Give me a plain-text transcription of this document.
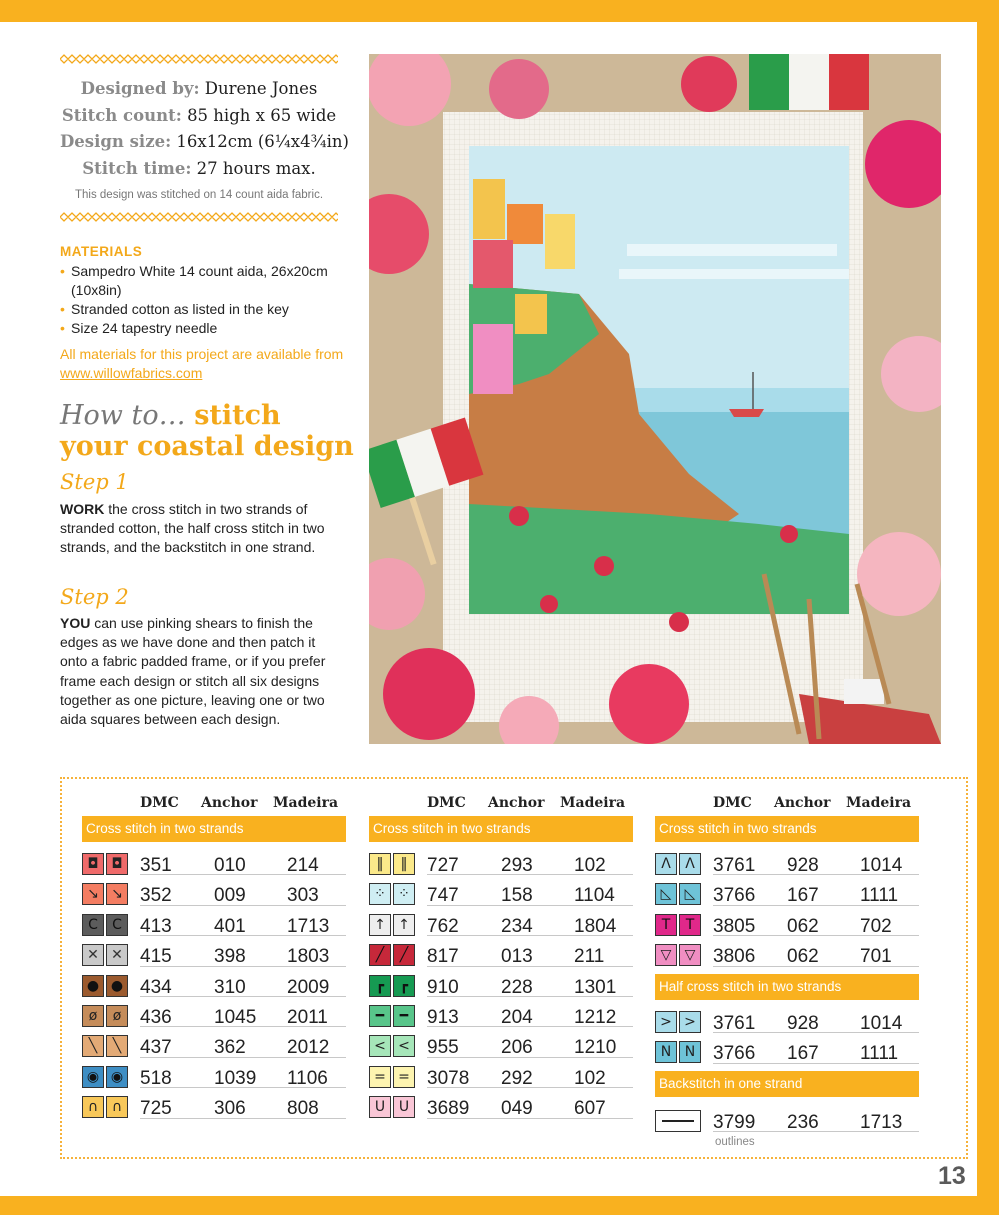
Designed by: Durene Jones
Stitch count: 85 high x 65 wide
Design size: 16x12cm (6¼x4¾in)
Stitch time: 27 hours max.
This design was stitched on 14 count aida fabric.
MATERIALS
• Sampedro White 14 count aida, 26x20cm (10x8in)
• Stranded cotton as listed in the key
• Size 24 tapestry needle
All materials for this project are available from www.willowfabrics.com
How to… stitch
your coastal design
Step 1
WORK the cross stitch in two strands of stranded cotton, the half cross stitch in two strands, and the backstitch in one strand.
Step 2
YOU can use pinking shears to finish the edges as we have done and then patch it onto a fabric padded frame, or if you prefer frame each design or stitch all six designs together as one picture, leaving one or two aida squares between each design.
DMC Anchor Madeira
Cross stitch in two strands
◘ ◘ 351 010 214
↘ ↘ 352 009 303
C	C 413 401 1713
✕ ✕ 415 398 1803
● ● 434 310 2009
ø	ø 436 1045 2011
╲	╲ 437 362 2012
◉ ◉ 518 1039 1106
∩ ∩ 725 306 808
DMC Anchor Madeira
Cross stitch in two strands
‖	‖	727 293 102
⁘ ⁘ 747 158 1104
↑ ↑ 762 234 1804
╱	╱ 817 013 211
┏	┏ 910 228 1301
━	━ 913 204 1212
< < 955 206 1210
= = 3078 292 102
U U 3689 049 607
DMC Anchor Madeira
Cross stitch in two strands
Half cross stitch in two strands
Backstitch in one strand
Λ	Λ 3761 928 1014
◺ ◺ 3766 167 1111
T	T 3805 062 702
▽ ▽ 3806 062 701
> > 3761 928 1014
N N 3766 167 1111
3799 236 1713
outlines
13
